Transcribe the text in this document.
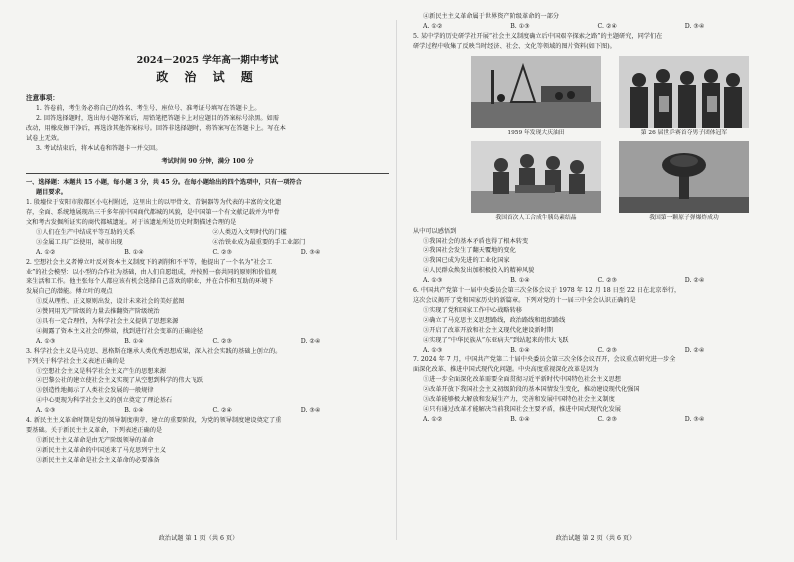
2024－2025 学年高一期中考试
政 治 试 题
注意事项：

1. 答卷前，考生务必将自己的姓名、考生号、座位号、准考证号填写在答题卡上。

2. 回答选择题时，选出每小题答案后，用铅笔把答题卡上对应题目的答案标号涂黑。如需

改动，用橡皮擦干净后，再选涂其他答案标号。回答非选择题时，将答案写在答题卡上。写在本

试卷上无效。

3. 考试结束后，将本试卷和答题卡一并交回。

考试时间 90 分钟，满分 100 分

一、选择题：本题共 15 小题，每小题 3 分，共 45 分。在每小题给出的四个选项中，只有一项符合

题目要求。

1. 殷墟位于安阳市殷都区小屯村附近，这里出土的以甲骨文、青铜器等为代表的丰富的文化遗

存，全面、系统地展现出三千多年前中国商代都城的风貌，是中国第一个有文献记载并为甲骨

文和考古发掘所证实的商代都城遗址。对于该遗址所处历史时期描述合理的是

①人们在生产中结成平等互助的关系	②人类迈入文明时代的门槛
③金属工具广泛使用，城市出现	④治铁业成为最重要的手工业部门
A. ①②	B. ①④	C. ②③	D. ③④

2. 空想社会主义者傅立叶反对资本主义制度下的剥削和不平等，他提出了一个名为“社会工

业”的社会模型：以小型的合作社为基础，由人们自愿组成，并按照一套共同的原则和价值观

来生活和工作。他主张每个人都应该有机会选择自己喜欢的职业，并在合作和互助的环境下

发展自己的潜能。傅立叶的观点

①反从理性、正义原则出发，设计未来社会的美好蓝图

②赞同用无产阶级的力量去推翻资产阶级统治

③具有一定合理性，为科学社会主义提供了思想来源

④揭露了资本主义社会的弊端，找到进行社会变革的正确途径

A. ①③	B. ①④	C. ②③	D. ②④

3. 科学社会主义是马克思、恩格斯在继承人类优秀思想成果，深入社会实践的基础上创立的。

下列关于科学社会主义表述正确的是

①空想社会主义是科学社会主义产生的思想来源

②巴黎公社的建立使社会主义实现了从空想到科学的伟大飞跃

③创造性地揭示了人类社会发展的一般规律

④中心更现为科学社会主义的创立奠定了理论基石

A. ①③	B. ①④	C. ②④	D. ③④

4. 新民主主义革命时期是党的领导制度萌芽、建立的重要阶段，为党的领导制度建设奠定了重

要基础。关于新民主主义革命，下列表述正确的是

①新民主主义革命是由无产阶级领导的革命

②新民主主义革命的中国送来了马克思列宁主义

③新民主主义革命是社会主义革命的必要准备

政治试题 第 1 页（共 6 页）

④新民主主义革命属于世界资产阶级革命的一部分

A. ①②	B. ①③	C. ②④	D. ③④

5. 某中学的历史研学社开展“社会主义制度确立后中国艰辛探索之路”的主题研究，同学们在

研学过程中收集了反映当时经济、社会、文化等领域的图片资料(如下图)。

1959 年发现大庆油田	第 26 届世乒赛首夺男子团体冠军
我国首次人工合成牛胰岛素结晶	我国第一颗原子弹爆炸成功

从中可以感悟到

①我国社会的基本矛盾也得了根本转变

②我国社会发生了翻天覆地的变化

③我国已成为先进的工业化国家

④人民群众焕发出加积极投入的精神风貌

A. ①③	B. ①④	C. ②③	D. ②④

6. 中国共产党第十一届中央委员会第三次全体会议于 1978 年 12 月 18 日至 22 日在北京举行，

这次会议揭开了党和国家历史的新篇章。下列对党的十一届三中全会认识正确的是

①实现了党和国家工作中心战略转移

②确立了马克思主义思想路线，政治路线和组织路线

③开启了改革开放和社会主义现代化建设新时期

④实现了“中华民族从”东亚病夫”到站起来的伟大飞跃

A. ①③	B. ①④	C. ②③	D. ②④

7. 2024 年 7 月，中国共产党第二十届中央委员会第三次全体会议召开，会议重点研究进一步全

面深化改革、推进中国式现代化问题。中央高度重视深化改革是因为

①进一步全面深化改革需要全面贯彻习近平新时代中国特色社会主义思想

②改革开放下我国社会主义初级阶段的基本国情发生变化，推动建设现代化强国

③改革能够极大解放和发展生产力，完善和发展中国特色社会主义制度

④只有通过改革才能解决当前我国社会主要矛盾，推进中国式现代化发展

A. ①②	B. ①④	C. ②③	D. ③④
政治试题 第 2 页（共 6 页）
